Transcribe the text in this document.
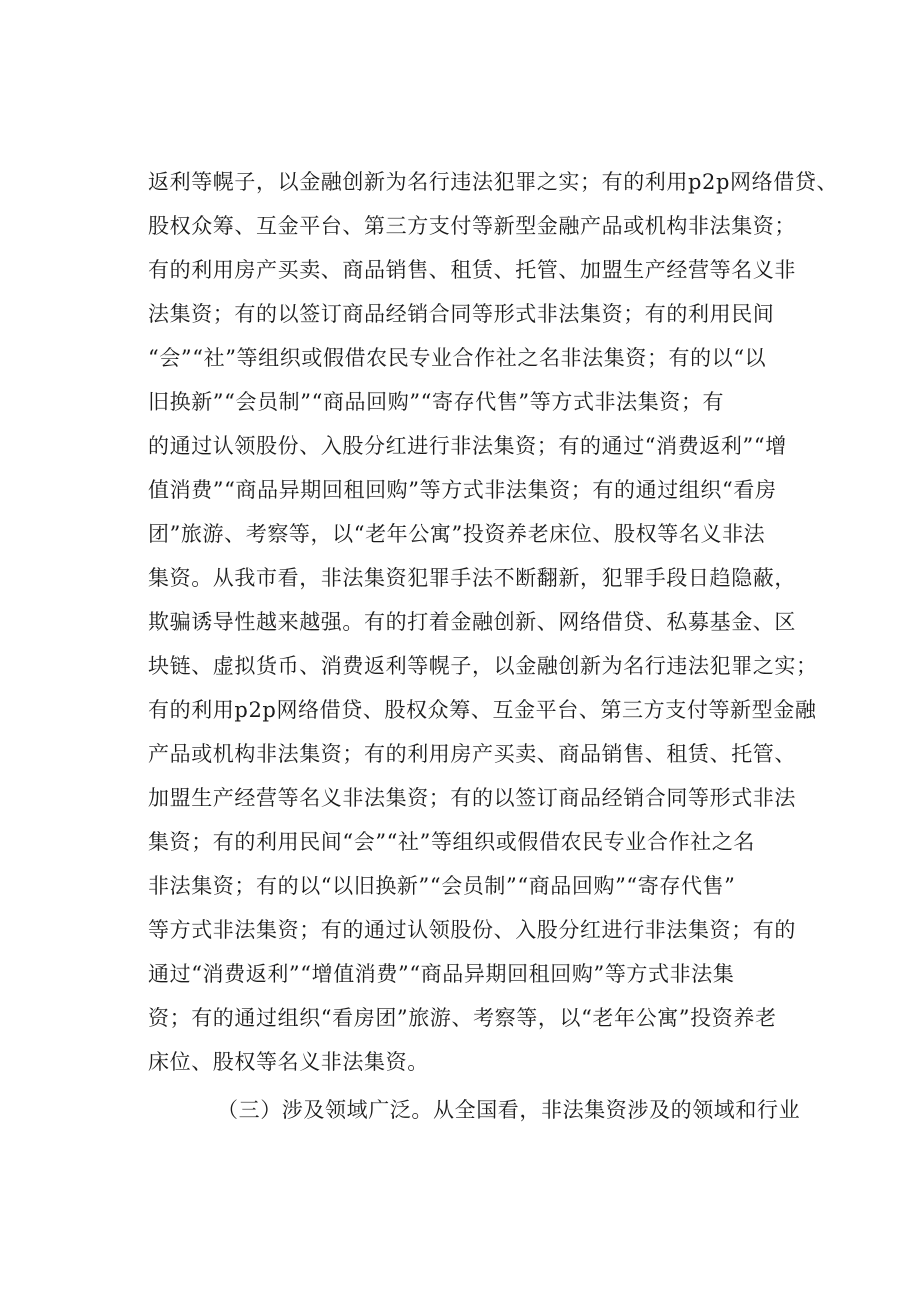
返利等幌子，以金融创新为名行违法犯罪之实；有的利用p2p网络借贷、
股权众筹、互金平台、第三方支付等新型金融产品或机构非法集资；
有的利用房产买卖、商品销售、租赁、托管、加盟生产经营等名义非
法集资；有的以签订商品经销合同等形式非法集资；有的利用民间
“会”“社”等组织或假借农民专业合作社之名非法集资；有的以“以
旧换新”“会员制”“商品回购”“寄存代售”等方式非法集资；有
的通过认领股份、入股分红进行非法集资；有的通过“消费返利”“增
值消费”“商品异期回租回购”等方式非法集资；有的通过组织“看房
团”旅游、考察等，以“老年公寓”投资养老床位、股权等名义非法
集资。从我市看，非法集资犯罪手法不断翻新，犯罪手段日趋隐蔽，
欺骗诱导性越来越强。有的打着金融创新、网络借贷、私募基金、区
块链、虚拟货币、消费返利等幌子，以金融创新为名行违法犯罪之实；
有的利用p2p网络借贷、股权众筹、互金平台、第三方支付等新型金融
产品或机构非法集资；有的利用房产买卖、商品销售、租赁、托管、
加盟生产经营等名义非法集资；有的以签订商品经销合同等形式非法
集资；有的利用民间“会”“社”等组织或假借农民专业合作社之名
非法集资；有的以“以旧换新”“会员制”“商品回购”“寄存代售”
等方式非法集资；有的通过认领股份、入股分红进行非法集资；有的
通过“消费返利”“增值消费”“商品异期回租回购”等方式非法集
资；有的通过组织“看房团”旅游、考察等，以“老年公寓”投资养老
床位、股权等名义非法集资。
（三）涉及领域广泛。从全国看，非法集资涉及的领域和行业
